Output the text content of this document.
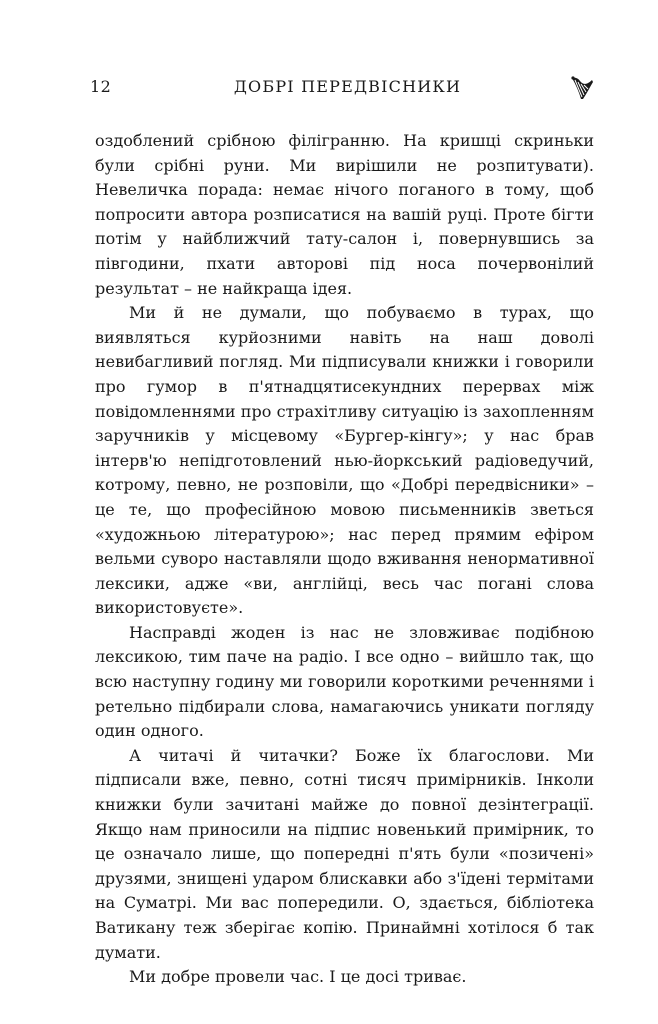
12	ДОБРІ ПЕРЕДВІСНИКИ

оздоблений срібною філігранню. На кришці скриньки були срібні руни. Ми вирішили не розпитувати). Невеличка порада: немає нічого поганого в тому, щоб попросити автора розписатися на вашій руці. Проте бігти потім у найближчий тату-салон і, повернувшись за півгодини, пхати авторові під носа почервонілий результат – не найкраща ідея.

Ми й не думали, що побуваємо в турах, що виявляться курйозними навіть на наш доволі невибагливий погляд. Ми підписували книжки і говорили про гумор в п'ятнадцятисекундних перервах між повідомленнями про страхітливу ситуацію із захопленням заручників у місцевому «Бургер-кінгу»; у нас брав інтерв'ю непідготовлений нью-йоркський радіоведучий, котрому, певно, не розповіли, що «Добрі передвісники» – це те, що професійною мовою письменників зветься «художньою літературою»; нас перед прямим ефіром вельми суворо наставляли щодо вживання ненормативної лексики, адже «ви, англійці, весь час погані слова використовуєте».

Насправді жоден із нас не зловживає подібною лексикою, тим паче на радіо. І все одно – вийшло так, що всю наступну годину ми говорили короткими реченнями і ретельно підбирали слова, намагаючись уникати погляду один одного.

А читачі й читачки? Боже їх благослови. Ми підписали вже, певно, сотні тисяч примірників. Інколи книжки були зачитані майже до повної дезінтеграції. Якщо нам приносили на підпис новенький примірник, то це означало лише, що попередні п'ять були «позичені» друзями, знищені ударом блискавки або з'їдені термітами на Суматрі. Ми вас попередили. О, здається, бібліотека Ватикану теж зберігає копію. Принаймні хотілося б так думати.

Ми добре провели час. І це досі триває.
